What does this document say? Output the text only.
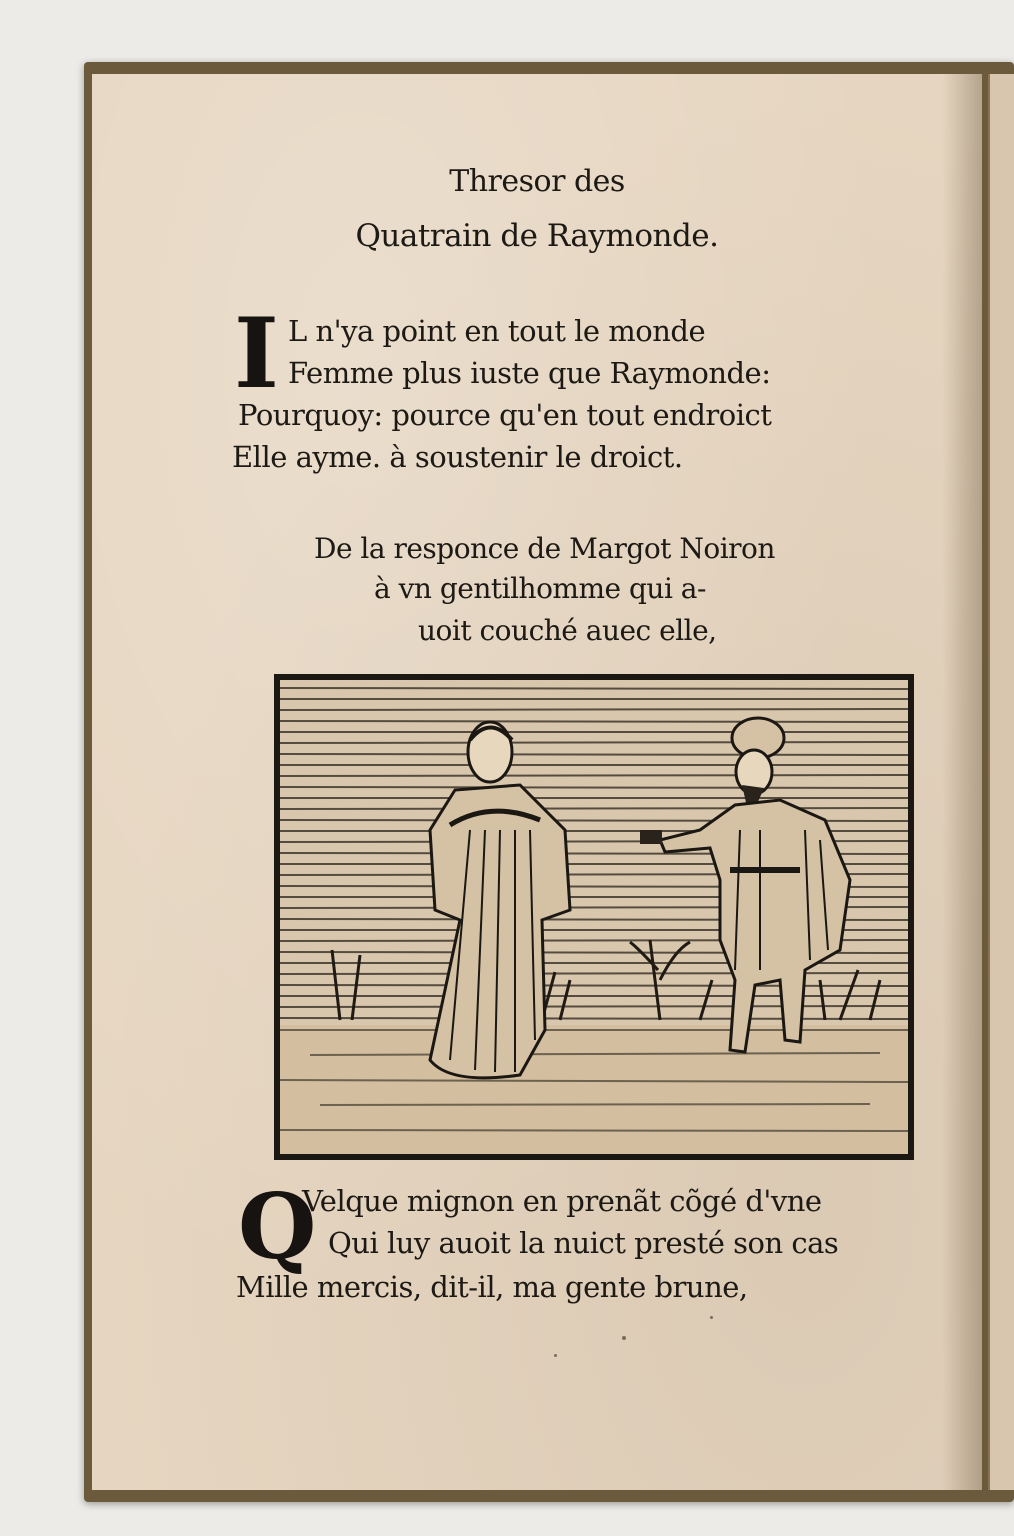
Thresor des
Quatrain de Raymonde.
I L n'ya point en tout le monde
Femme plus iuste que Raymonde:
Pourquoy: pource qu'en tout endroict
Elle ayme. à soustenir le droict.
De la responce de Margot Noiron
à vn gentilhomme qui a-
uoit couché auec elle,
Q
Velque mignon en prenãt cõgé d'vne
Qui luy auoit la nuict presté son cas
Mille mercis, dit-il, ma gente brune,
